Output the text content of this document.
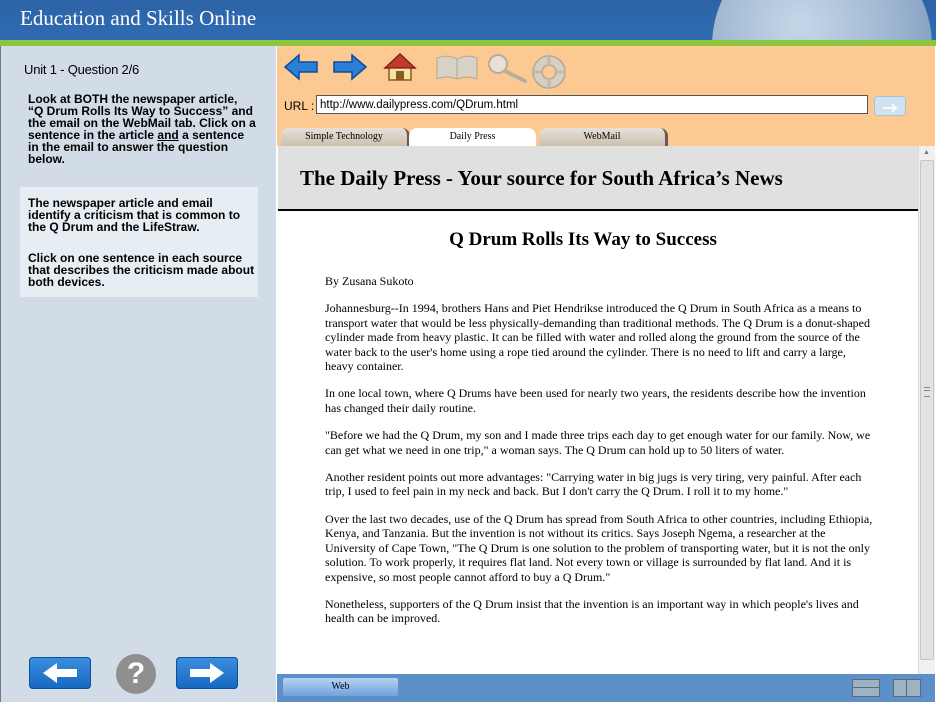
Education and Skills Online
Unit 1 - Question 2/6
Look at BOTH the newspaper article, “Q Drum Rolls Its Way to Success” and the email on the WebMail tab. Click on a sentence in the article and a sentence in the email to answer the question below.
The newspaper article and email identify a criticism that is common to the Q Drum and the LifeStraw.
Click on one sentence in each source that describes the criticism made about both devices.
?
URL :
http://www.dailypress.com/QDrum.html
Simple Technology	Daily Press	WebMail
The Daily Press - Your source for South Africa’s News
Q Drum Rolls Its Way to Success

By Zusana Sukoto

Johannesburg--In 1994, brothers Hans and Piet Hendrikse introduced the Q Drum in South Africa as a means to transport water that would be less physically-demanding than traditional methods. The Q Drum is a donut-shaped cylinder made from heavy plastic. It can be filled with water and rolled along the ground from the source of the water back to the user's home using a rope tied around the cylinder. There is no need to lift and carry a large, heavy container.

In one local town, where Q Drums have been used for nearly two years, the residents describe how the invention has changed their daily routine.

"Before we had the Q Drum, my son and I made three trips each day to get enough water for our family. Now, we can get what we need in one trip," a woman says. The Q Drum can hold up to 50 liters of water.

Another resident points out more advantages: "Carrying water in big jugs is very tiring, very painful. After each trip, I used to feel pain in my neck and back. But I don't carry the Q Drum. I roll it to my home."

Over the last two decades, use of the Q Drum has spread from South Africa to other countries, including Ethiopia, Kenya, and Tanzania. But the invention is not without its critics. Says Joseph Ngema, a researcher at the University of Cape Town, "The Q Drum is one solution to the problem of transporting water, but it is not the only solution. To work properly, it requires flat land. Not every town or village is surrounded by flat land. And it is expensive, so most people cannot afford to buy a Q Drum."

Nonetheless, supporters of the Q Drum insist that the invention is an important way in which people's lives and health can be improved.

▲
Web
